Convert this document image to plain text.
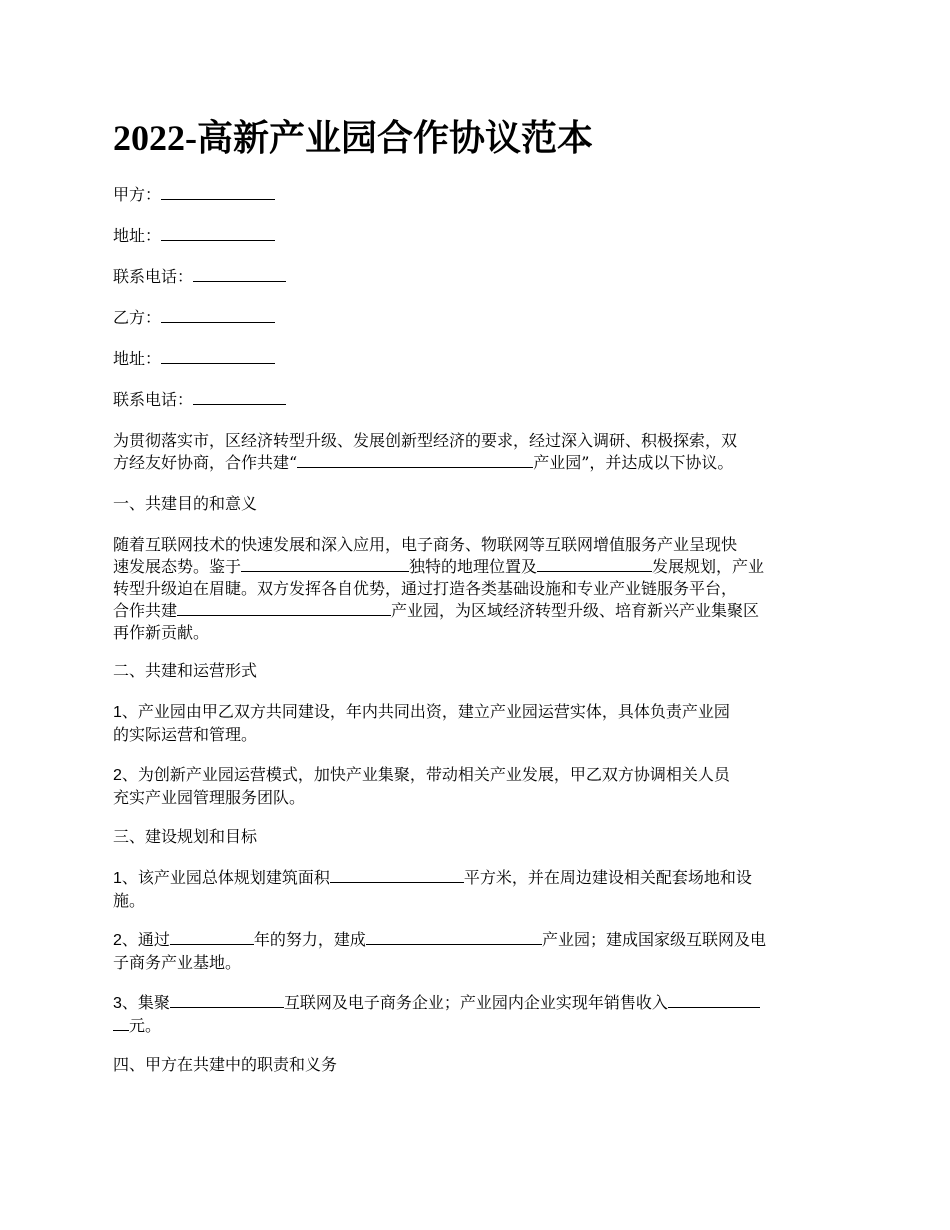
2022-高新产业园合作协议范本

甲方：

地址：

联系电话：

乙方：

地址：

联系电话：

为贯彻落实市，区经济转型升级、发展创新型经济的要求，经过深入调研、积极探索，双
方经友好协商，合作共建“	产业园”，并达成以下协议。

一、共建目的和意义

随着互联网技术的快速发展和深入应用，电子商务、物联网等互联网增值服务产业呈现快
速发展态势。鉴于	独特的地理位置及	发展规划，产业
转型升级迫在眉睫。双方发挥各自优势，通过打造各类基础设施和专业产业链服务平台，
合作共建	产业园，为区域经济转型升级、培育新兴产业集聚区
再作新贡献。

二、共建和运营形式

1、产业园由甲乙双方共同建设，年内共同出资，建立产业园运营实体，具体负责产业园
的实际运营和管理。
2、为创新产业园运营模式，加快产业集聚，带动相关产业发展，甲乙双方协调相关人员
充实产业园管理服务团队。

三、建设规划和目标

1、该产业园总体规划建筑面积	平方米，并在周边建设相关配套场地和设
施。
2、通过	年的努力，建成	产业园；建成国家级互联网及电
子商务产业基地。
3、集聚	互联网及电子商务企业；产业园内企业实现年销售收入
元。

四、甲方在共建中的职责和义务
